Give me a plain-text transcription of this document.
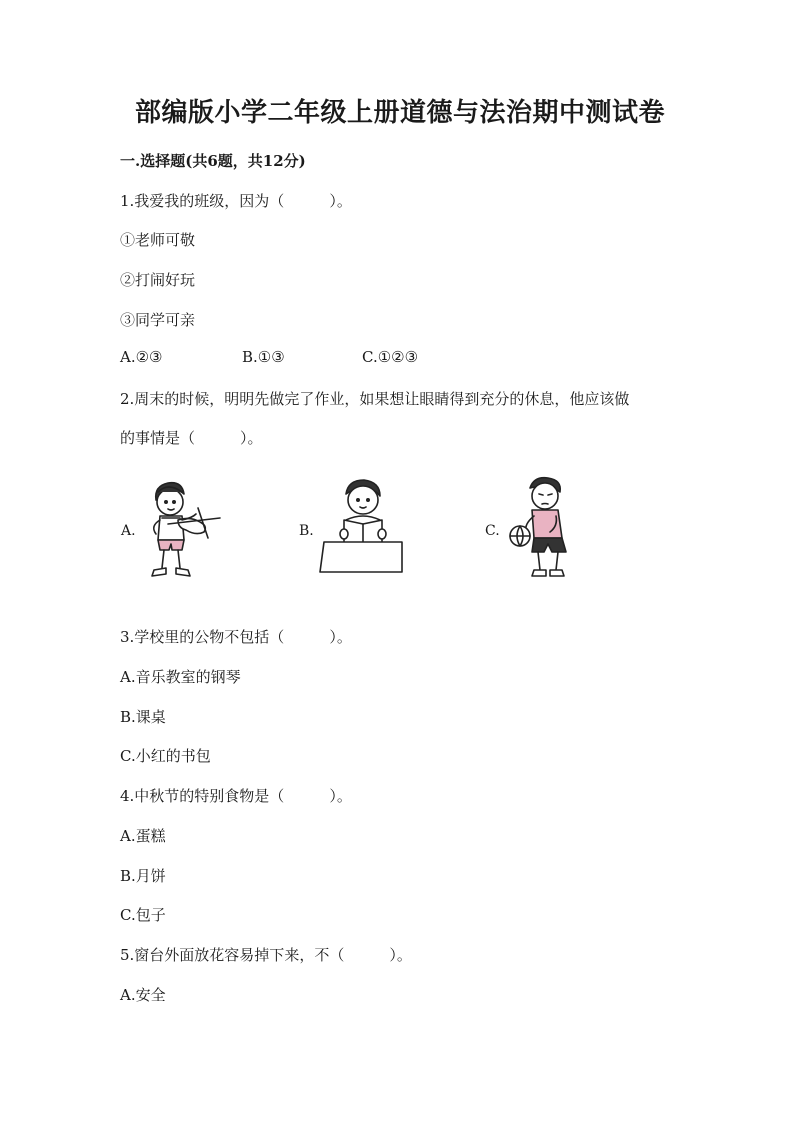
部编版小学二年级上册道德与法治期中测试卷
一.选择题(共6题，共12分)
1.我爱我的班级，因为（　　　）。
①老师可敬
②打闹好玩
③同学可亲
A.②③	B.①③	C.①②③
2.周末的时候，明明先做完了作业，如果想让眼睛得到充分的休息，他应该做
的事情是（　　　）。
A.	B.	C.
3.学校里的公物不包括（　　　）。
A.音乐教室的钢琴
B.课桌
C.小红的书包
4.中秋节的特别食物是（　　　）。
A.蛋糕
B.月饼
C.包子
5.窗台外面放花容易掉下来，不（　　　）。
A.安全
